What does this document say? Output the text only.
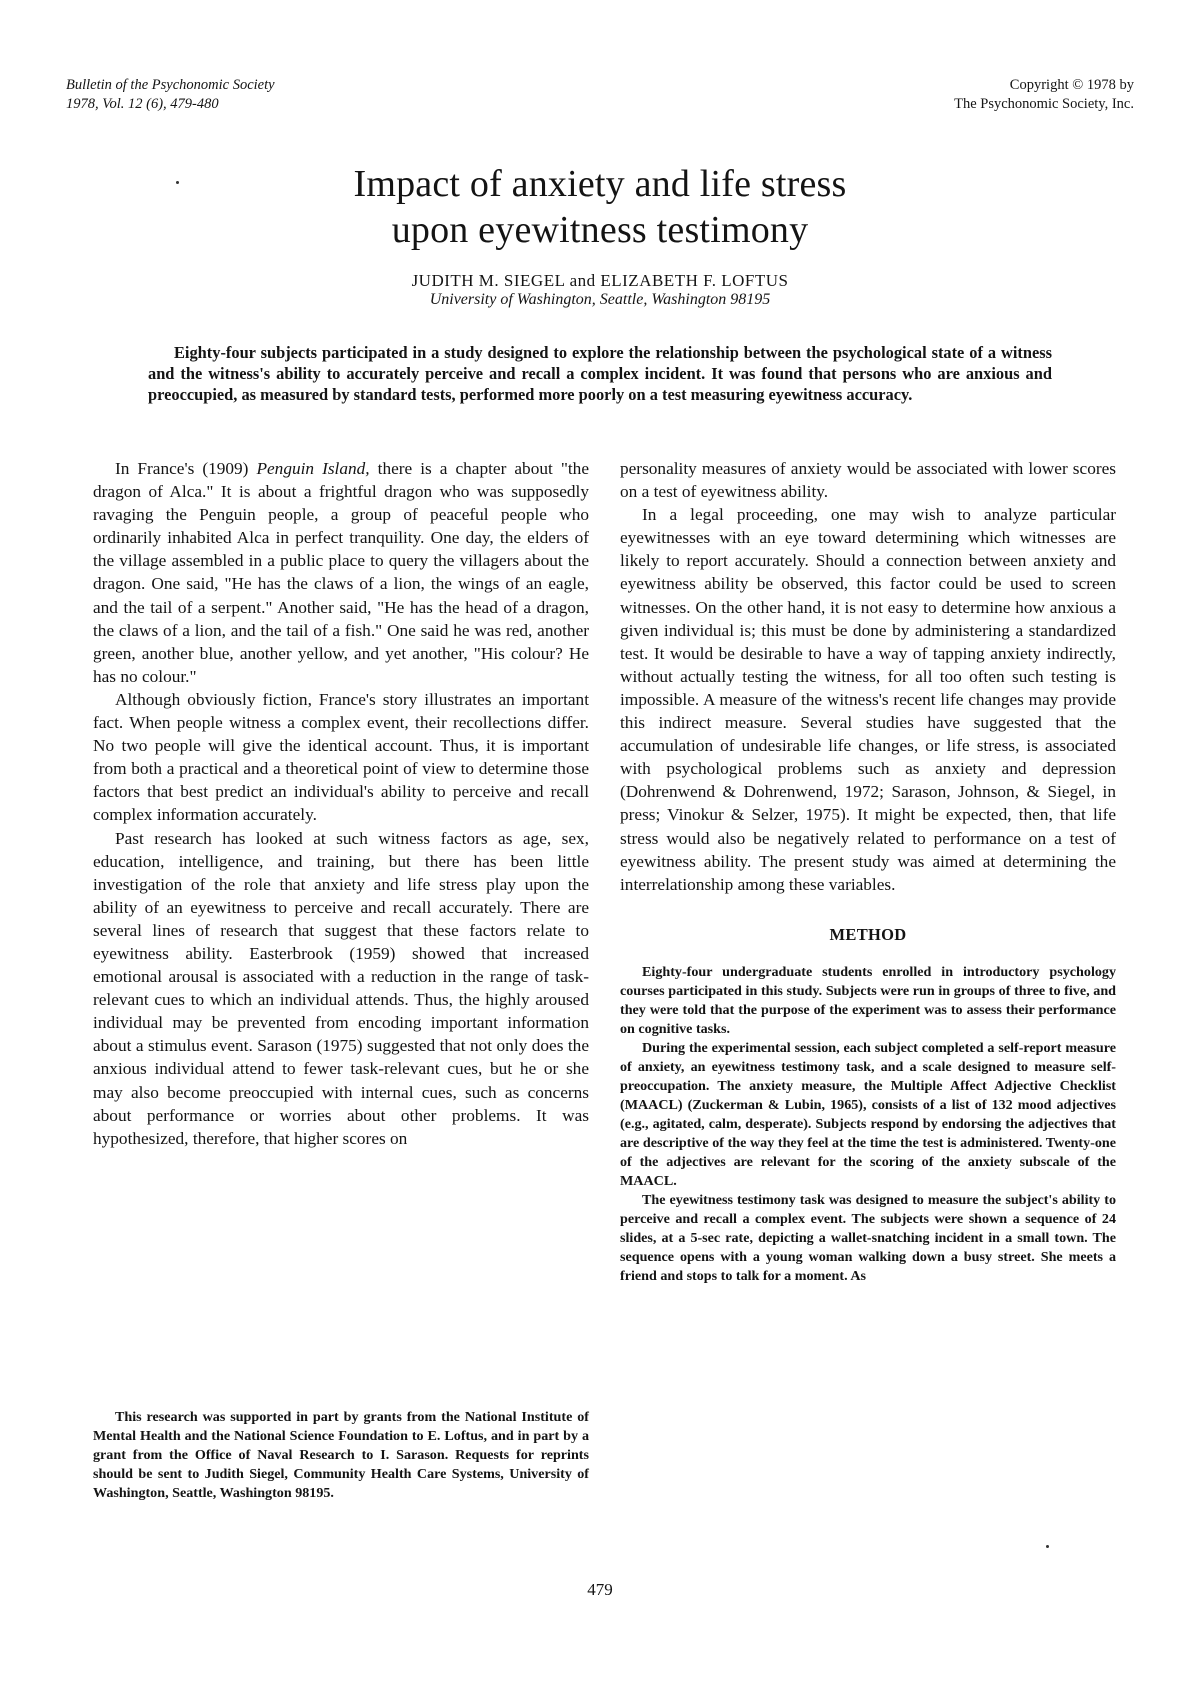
Bulletin of the Psychonomic Society
1978, Vol. 12 (6), 479-480
Copyright © 1978 by
The Psychonomic Society, Inc.
Impact of anxiety and life stress
upon eyewitness testimony
JUDITH M. SIEGEL and ELIZABETH F. LOFTUS
University of Washington, Seattle, Washington 98195

Eighty-four subjects participated in a study designed to explore the relationship between the psychological state of a witness and the witness's ability to accurately perceive and recall a complex incident. It was found that persons who are anxious and preoccupied, as measured by standard tests, performed more poorly on a test measuring eyewitness accuracy.

In France's (1909) Penguin Island, there is a chapter about "the dragon of Alca." It is about a frightful dragon who was supposedly ravaging the Penguin people, a group of peaceful people who ordinarily inhabited Alca in perfect tranquility. One day, the elders of the village assembled in a public place to query the villagers about the dragon. One said, "He has the claws of a lion, the wings of an eagle, and the tail of a serpent." Another said, "He has the head of a dragon, the claws of a lion, and the tail of a fish." One said he was red, another green, another blue, another yellow, and yet another, "His colour? He has no colour."

Although obviously fiction, France's story illustrates an important fact. When people witness a complex event, their recollections differ. No two people will give the identical account. Thus, it is important from both a practical and a theoretical point of view to determine those factors that best predict an individual's ability to perceive and recall complex information accurately.

Past research has looked at such witness factors as age, sex, education, intelligence, and training, but there has been little investigation of the role that anxiety and life stress play upon the ability of an eyewitness to perceive and recall accurately. There are several lines of research that suggest that these factors relate to eyewitness ability. Easterbrook (1959) showed that increased emotional arousal is associated with a reduction in the range of task-relevant cues to which an individual attends. Thus, the highly aroused individual may be prevented from encoding important information about a stimulus event. Sarason (1975) suggested that not only does the anxious individual attend to fewer task-relevant cues, but he or she may also become preoccupied with internal cues, such as concerns about performance or worries about other problems. It was hypothesized, therefore, that higher scores on

This research was supported in part by grants from the National Institute of Mental Health and the National Science Foundation to E. Loftus, and in part by a grant from the Office of Naval Research to I. Sarason. Requests for reprints should be sent to Judith Siegel, Community Health Care Systems, University of Washington, Seattle, Washington 98195.

personality measures of anxiety would be associated with lower scores on a test of eyewitness ability.

In a legal proceeding, one may wish to analyze particular eyewitnesses with an eye toward determining which witnesses are likely to report accurately. Should a connection between anxiety and eyewitness ability be observed, this factor could be used to screen witnesses. On the other hand, it is not easy to determine how anxious a given individual is; this must be done by administering a standardized test. It would be desirable to have a way of tapping anxiety indirectly, without actually testing the witness, for all too often such testing is impossible. A measure of the witness's recent life changes may provide this indirect measure. Several studies have suggested that the accumulation of undesirable life changes, or life stress, is associated with psychological problems such as anxiety and depression (Dohrenwend & Dohrenwend, 1972; Sarason, Johnson, & Siegel, in press; Vinokur & Selzer, 1975). It might be expected, then, that life stress would also be negatively related to performance on a test of eyewitness ability. The present study was aimed at determining the interrelationship among these variables.

METHOD

Eighty-four undergraduate students enrolled in introductory psychology courses participated in this study. Subjects were run in groups of three to five, and they were told that the purpose of the experiment was to assess their performance on cognitive tasks.

During the experimental session, each subject completed a self-report measure of anxiety, an eyewitness testimony task, and a scale designed to measure self-preoccupation. The anxiety measure, the Multiple Affect Adjective Checklist (MAACL) (Zuckerman & Lubin, 1965), consists of a list of 132 mood adjectives (e.g., agitated, calm, desperate). Subjects respond by endorsing the adjectives that are descriptive of the way they feel at the time the test is administered. Twenty-one of the adjectives are relevant for the scoring of the anxiety subscale of the MAACL.

The eyewitness testimony task was designed to measure the subject's ability to perceive and recall a complex event. The subjects were shown a sequence of 24 slides, at a 5-sec rate, depicting a wallet-snatching incident in a small town. The sequence opens with a young woman walking down a busy street. She meets a friend and stops to talk for a moment. As

479
